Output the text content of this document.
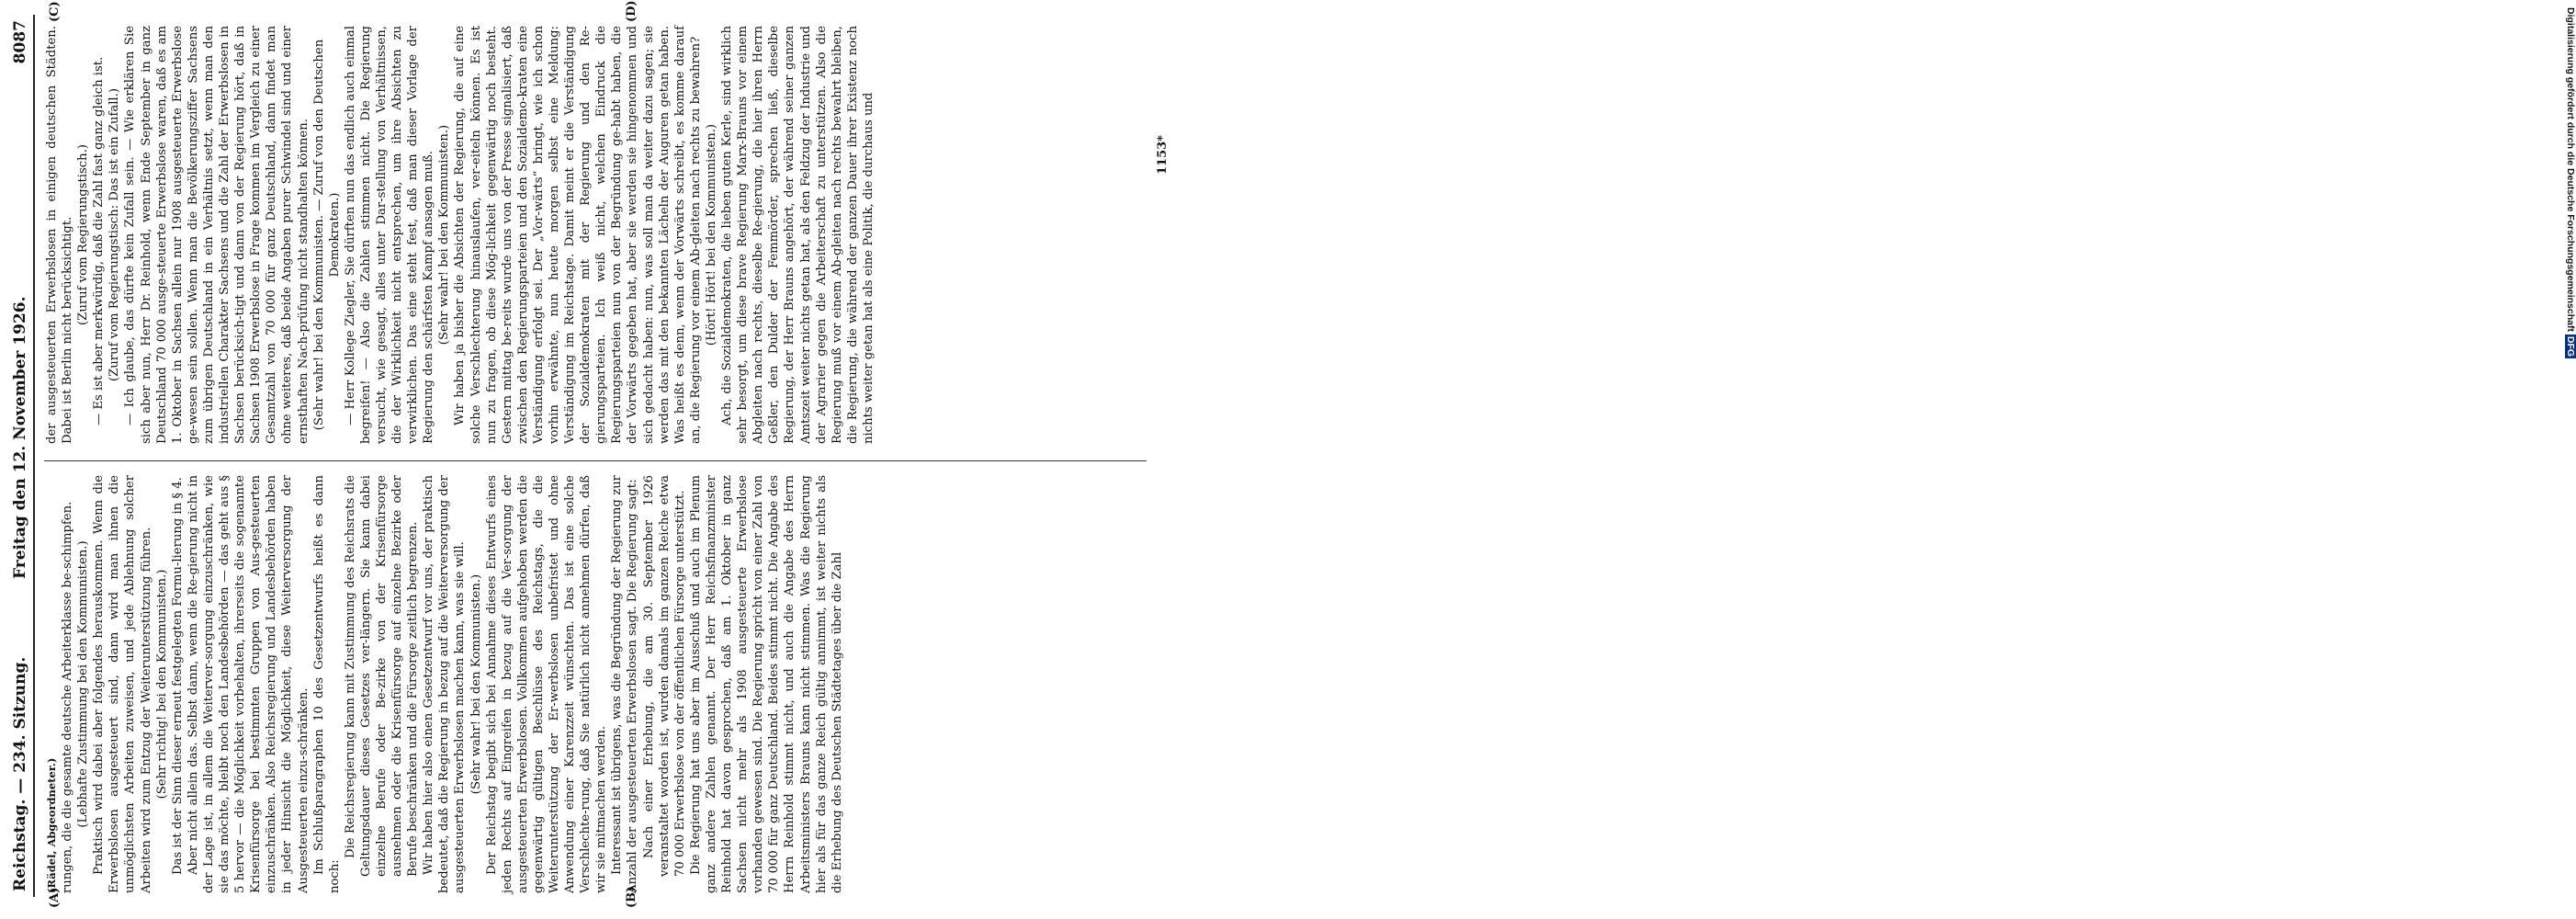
Reichstag. — 234. Sitzung.
Freitag den 12. November 1926.
8087
(A)	(B)
(C)	(D)

(Rädel, Abgeordneter.) rungen, die die gesamte deutsche Arbeiterklasse be-schimpfen. (Lebhafte Zustimmung bei den Kommunisten.) Praktisch wird dabei aber folgendes herauskommen. Wenn die Erwerbslosen ausgesteuert sind, dann wird man ihnen die unmöglichsten Arbeiten zuweisen, und jede Ablehnung solcher Arbeiten wird zum Entzug der Weiterunterstützung führen. (Sehr richtig! bei den Kommunisten.) Das ist der Sinn dieser erneut festgelegten Formu-lierung in § 4. Aber nicht allein das. Selbst dann, wenn die Re-gierung nicht in der Lage ist, in allem die Weiterver-sorgung einzuschränken, wie sie das möchte, bleibt noch den Landesbehörden — das geht aus § 5 hervor — die Möglichkeit vorbehalten, ihrerseits die sogenannte Krisenfürsorge bei bestimmten Gruppen von Aus-gesteuerten einzuschränken. Also Reichsregierung und Landesbehörden haben in jeder Hinsicht die Möglichkeit, diese Weiterversorgung der Ausgesteuerten einzu-schränken. Im Schlußparagraphen 10 des Gesetzentwurfs heißt es dann noch:

Die Reichsregierung kann mit Zustimmung des Reichsrats die Geltungsdauer dieses Gesetzes ver-längern. Sie kann dabei einzelne Berufe oder Be-zirke von der Krisenfürsorge ausnehmen oder die Krisenfürsorge auf einzelne Bezirke oder Berufe beschränken und die Fürsorge zeitlich begrenzen. Wir haben hier also einen Gesetzentwurf vor uns, der praktisch bedeutet, daß die Regierung in bezug auf die Weiterversorgung der ausgesteuerten Erwerbslosen machen kann, was sie will. (Sehr wahr! bei den Kommunisten.) Der Reichstag begibt sich bei Annahme dieses Entwurfs eines jeden Rechts auf Eingreifen in bezug auf die Ver-sorgung der ausgesteuerten Erwerbslosen. Vollkommen aufgehoben werden die gegenwärtig gültigen Beschlüsse des Reichstags, die die Weiterunterstützung der Er-werbslosen unbefristet und ohne Anwendung einer Karenzzeit wünschten. Das ist eine solche Verschlechte-rung, daß Sie natürlich nicht annehmen dürfen, daß wir sie mitmachen werden. Interessant ist übrigens, was die Begründung der Regierung zur Anzahl der ausgesteuerten Erwerbslosen sagt. Die Regierung sagt: Nach einer Erhebung, die am 30. September 1926 veranstaltet worden ist, wurden damals im ganzen Reiche etwa 70 000 Erwerbslose von der öffentlichen Fürsorge unterstützt. Die Regierung hat uns aber im Ausschuß und auch im Plenum ganz andere Zahlen genannt. Der Herr Reichsfinanzminister Reinhold hat davon gesprochen, daß am 1. Oktober in ganz Sachsen nicht mehr als 1908 ausgesteuerte Erwerbslose vorhanden gewesen sind. Die Regierung spricht von einer Zahl von 70 000 für ganz Deutschland. Beides stimmt nicht. Die Angabe des Herrn Reinhold stimmt nicht, und auch die Angabe des Herrn Arbeitsministers Brauns kann nicht stimmen. Was die Regierung hier als für das ganze Reich gültig annimmt, ist weiter nichts als die Erhebung des Deutschen Städtetages über die Zahl

der ausgesteuerten Erwerbslosen in einigen deutschen Städten. Dabei ist Berlin nicht berücksichtigt. (Zuruf vom Regierungstisch.) — Es ist aber merkwürdig, daß die Zahl fast ganz gleich ist. (Zuruf vom Regierungstisch: Das ist ein Zufall.) — Ich glaube, das dürfte kein Zufall sein. — Wie erklären Sie sich aber nun, Herr Dr. Reinhold, wenn Ende September in ganz Deutschland 70 000 ausge-steuerte Erwerbslose waren, daß es am 1. Oktober in Sachsen allein nur 1908 ausgesteuerte Erwerbslose ge-wesen sein sollen. Wenn man die Bevölkerungsziffer Sachsens zum übrigen Deutschland in ein Verhältnis setzt, wenn man den industriellen Charakter Sachsens und die Zahl der Erwerbslosen in Sachsen berücksich-tigt und dann von der Regierung hört, daß in Sachsen 1908 Erwerbslose in Frage kommen im Vergleich zu einer Gesamtzahl von 70 000 für ganz Deutschland, dann findet man ohne weiteres, daß beide Angaben purer Schwindel sind und einer ernsthaften Nach-prüfung nicht standhalten können. (Sehr wahr! bei den Kommunisten. — Zuruf von den Deutschen Demokraten.) — Herr Kollege Ziegler, Sie dürften nun das endlich auch einmal begreifen! — Also die Zahlen stimmen nicht. Die Regierung versucht, wie gesagt, alles unter Dar-stellung von Verhältnissen, die der Wirklichkeit nicht entsprechen, um ihre Absichten zu verwirklichen. Das eine steht fest, daß man dieser Vorlage der Regierung den schärfsten Kampf ansagen muß. (Sehr wahr! bei den Kommunisten.) Wir haben ja bisher die Absichten der Regierung, die auf eine solche Verschlechterung hinauslaufen, ver-eiteln können. Es ist nun zu fragen, ob diese Mög-lichkeit gegenwärtig noch besteht. Gestern mittag be-reits wurde uns von der Presse signalisiert, daß zwischen den Regierungsparteien und den Sozialdemo-kraten eine Verständigung erfolgt sei. Der „Vor-wärts“ bringt, wie ich schon vorhin erwähnte, nun heute morgen selbst eine Meldung: Verständigung im Reichstage. Damit meint er die Verständigung der Sozialdemokraten mit der Regierung und den Re-gierungsparteien. Ich weiß nicht, welchen Eindruck die Regierungsparteien nun von der Begründung ge-habt haben, die der Vorwärts gegeben hat, aber sie werden sie hingenommen und sich gedacht haben: nun, was soll man da weiter dazu sagen; sie werden das mit den bekannten Lächeln der Auguren getan haben. Was heißt es denn, wenn der Vorwärts schreibt, es komme darauf an, die Regierung vor einem Ab-gleiten nach rechts zu bewahren? (Hört! Hört! bei den Kommunisten.) Ach, die Sozialdemokraten, die lieben guten Kerle, sind wirklich sehr besorgt, um diese brave Regierung Marx-Brauns vor einem Abgleiten nach rechts, dieselbe Re-gierung, die hier ihren Herrn Geßler, den Dulder der Femmörder, sprechen ließ, dieselbe Regierung, der Herr Brauns angehört, der während seiner ganzen Amtszeit weiter nichts getan hat, als den Feldzug der Industrie und der Agrarier gegen die Arbeiterschaft zu unterstützen. Also die Regierung muß vor einem Ab-gleiten nach rechts bewahrt bleiben, die Regierung, die während der ganzen Dauer ihrer Existenz noch nichts weiter getan hat als eine Politik, die durchaus und	1153*	Digitalisierung gefördert durch die Deutsche Forschungsgemeinschaft DFG
